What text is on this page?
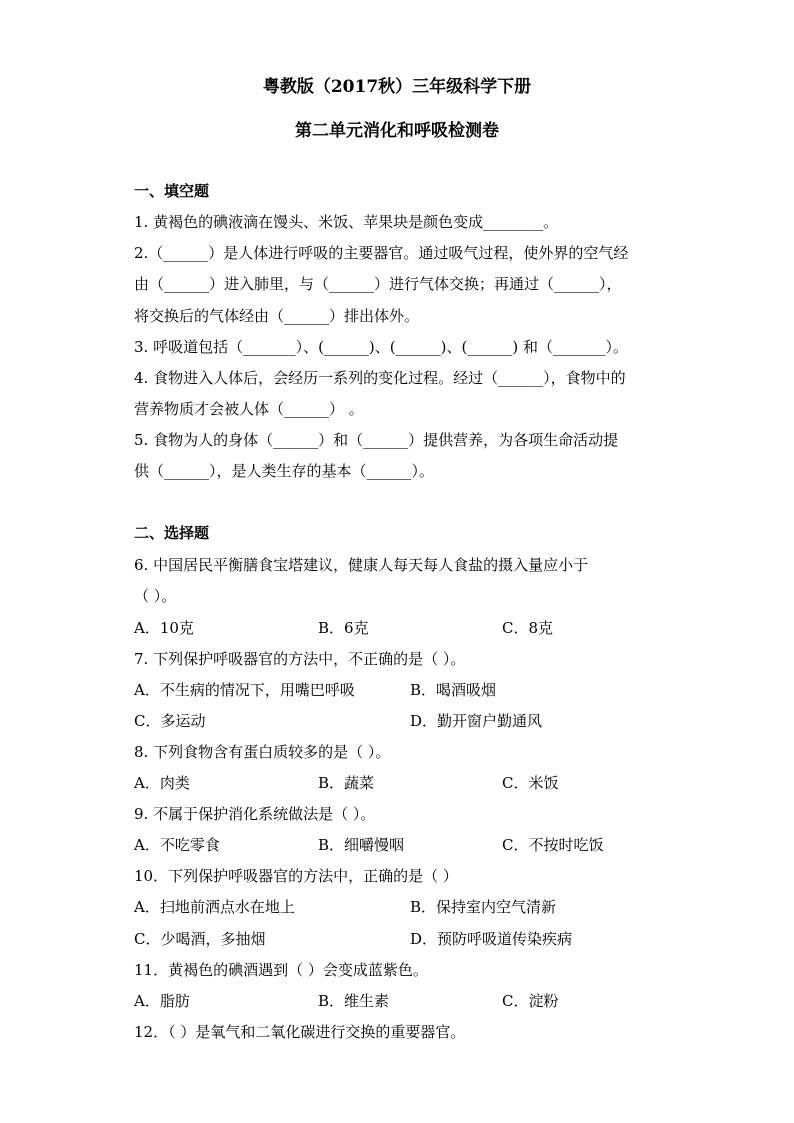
粤教版（2017秋）三年级科学下册
第二单元消化和呼吸检测卷
一、填空题
1. 黄褐色的碘液滴在馒头、米饭、苹果块是颜色变成________。
2.（______）是人体进行呼吸的主要器官。通过吸气过程，使外界的空气经
由（______）进入肺里，与（______）进行气体交换；再通过（______），
将交换后的气体经由（______）排出体外。
3. 呼吸道包括（_______）、(______)、(______)、(______) 和（_______）。
4. 食物进入人体后，会经历一系列的变化过程。经过（______），食物中的
营养物质才会被人体（______） 。
5. 食物为人的身体（______）和（______）提供营养，为各项生命活动提
供（______），是人类生存的基本（______）。
二、选择题
6. 中国居民平衡膳食宝塔建议，健康人每天每人食盐的摄入量应小于
（ ）。
A．10克	B．6克	C．8克
7. 下列保护呼吸器官的方法中，不正确的是（ ）。
A．不生病的情况下，用嘴巴呼吸	B．喝酒吸烟
C．多运动	D．勤开窗户勤通风
8. 下列食物含有蛋白质较多的是（ ）。
A．肉类	B．蔬菜	C．米饭
9. 不属于保护消化系统做法是（ ）。
A．不吃零食	B．细嚼慢咽	C．不按时吃饭
10．下列保护呼吸器官的方法中，正确的是（ ）
A．扫地前洒点水在地上	B．保持室内空气清新
C．少喝酒，多抽烟	D．预防呼吸道传染疾病
11．黄褐色的碘酒遇到（ ）会变成蓝紫色。
A．脂肪	B．维生素	C．淀粉
12．（ ）是氧气和二氧化碳进行交换的重要器官。
